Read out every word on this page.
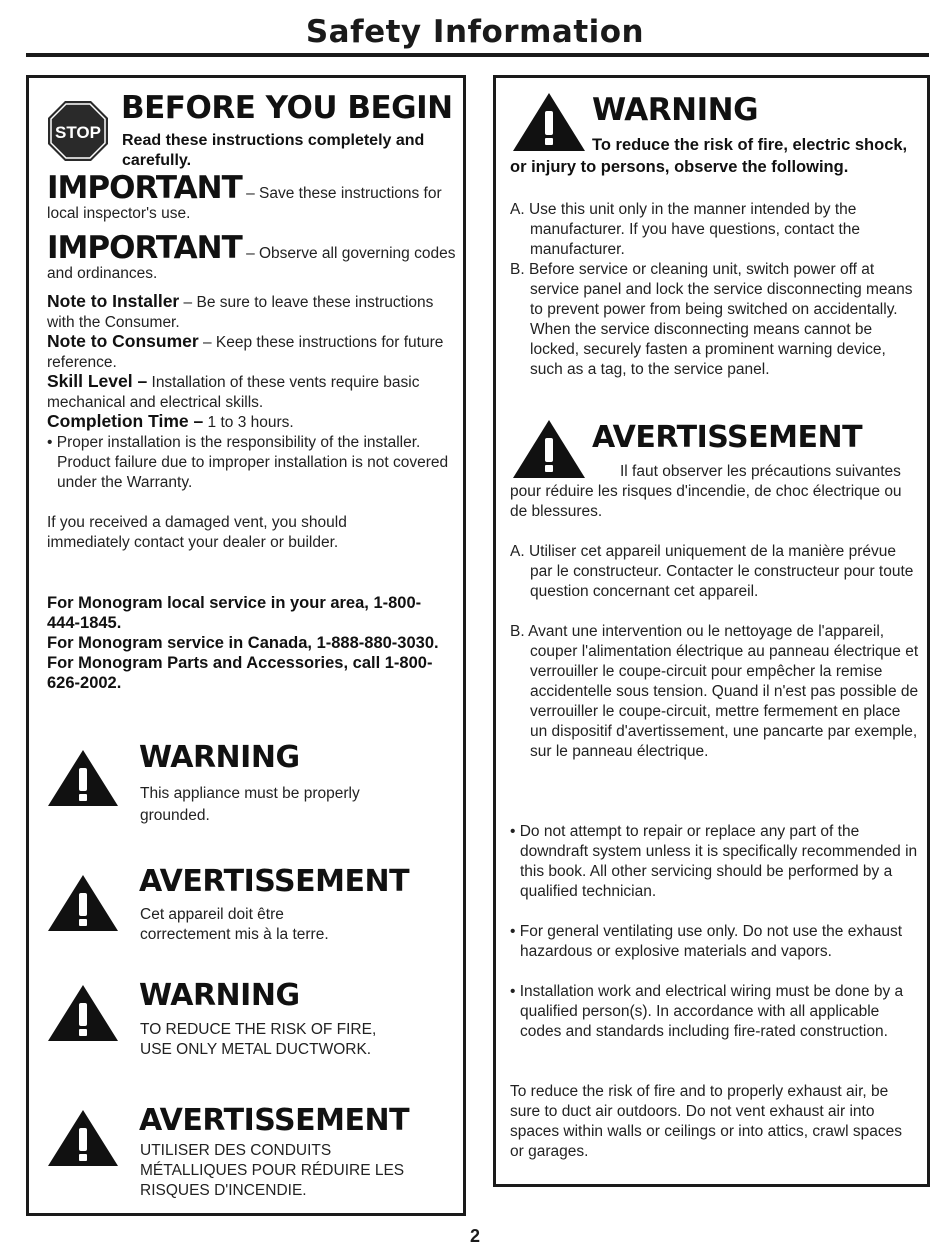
Safety Information
STOP
BEFORE YOU BEGIN
Read these instructions completely and carefully.
IMPORTANT – Save these instructions for local inspector's use.
IMPORTANT – Observe all governing codes and ordinances.
Note to Installer – Be sure to leave these instructions with the Consumer.
Note to Consumer – Keep these instructions for future reference.
Skill Level – Installation of these vents require basic mechanical and electrical skills.
Completion Time – 1 to 3 hours.
• Proper installation is the responsibility of the installer. Product failure due to improper installation is not covered under the Warranty.
If you received a damaged vent, you should immediately contact your dealer or builder.
For Monogram local service in your area, 1-800-444-1845.
For Monogram service in Canada, 1-888-880-3030.
For Monogram Parts and Accessories, call 1-800-626-2002.
WARNING
This appliance must be properly grounded.
AVERTISSEMENT
Cet appareil doit être correctement mis à la terre.
WARNING
TO REDUCE THE RISK OF FIRE, USE ONLY METAL DUCTWORK.
AVERTISSEMENT
UTILISER DES CONDUITS MÉTALLIQUES POUR RÉDUIRE LES RISQUES D'INCENDIE.
WARNING
To reduce the risk of fire, electric shock, or injury to persons, observe the following.
A. Use this unit only in the manner intended by the manufacturer. If you have questions, contact the manufacturer.
B. Before service or cleaning unit, switch power off at service panel and lock the service disconnecting means to prevent power from being switched on accidentally. When the service disconnecting means cannot be locked, securely fasten a prominent warning device, such as a tag, to the service panel.
AVERTISSEMENT
Il faut observer les précautions suivantes pour réduire les risques d'incendie, de choc électrique ou de blessures.
A. Utiliser cet appareil uniquement de la manière prévue par le constructeur. Contacter le constructeur pour toute question concernant cet appareil.
B. Avant une intervention ou le nettoyage de l'appareil, couper l'alimentation électrique au panneau électrique et verrouiller le coupe-circuit pour empêcher la remise accidentelle sous tension. Quand il n'est pas possible de verrouiller le coupe-circuit, mettre fermement en place un dispositif d'avertissement, une pancarte par exemple, sur le panneau électrique.
• Do not attempt to repair or replace any part of the downdraft system unless it is specifically recommended in this book. All other servicing should be performed by a qualified technician.
• For general ventilating use only. Do not use the exhaust hazardous or explosive materials and vapors.
• Installation work and electrical wiring must be done by a qualified person(s). In accordance with all applicable codes and standards including fire-rated construction.
To reduce the risk of fire and to properly exhaust air, be sure to duct air outdoors. Do not vent exhaust air into spaces within walls or ceilings or into attics, crawl spaces or garages.
2
